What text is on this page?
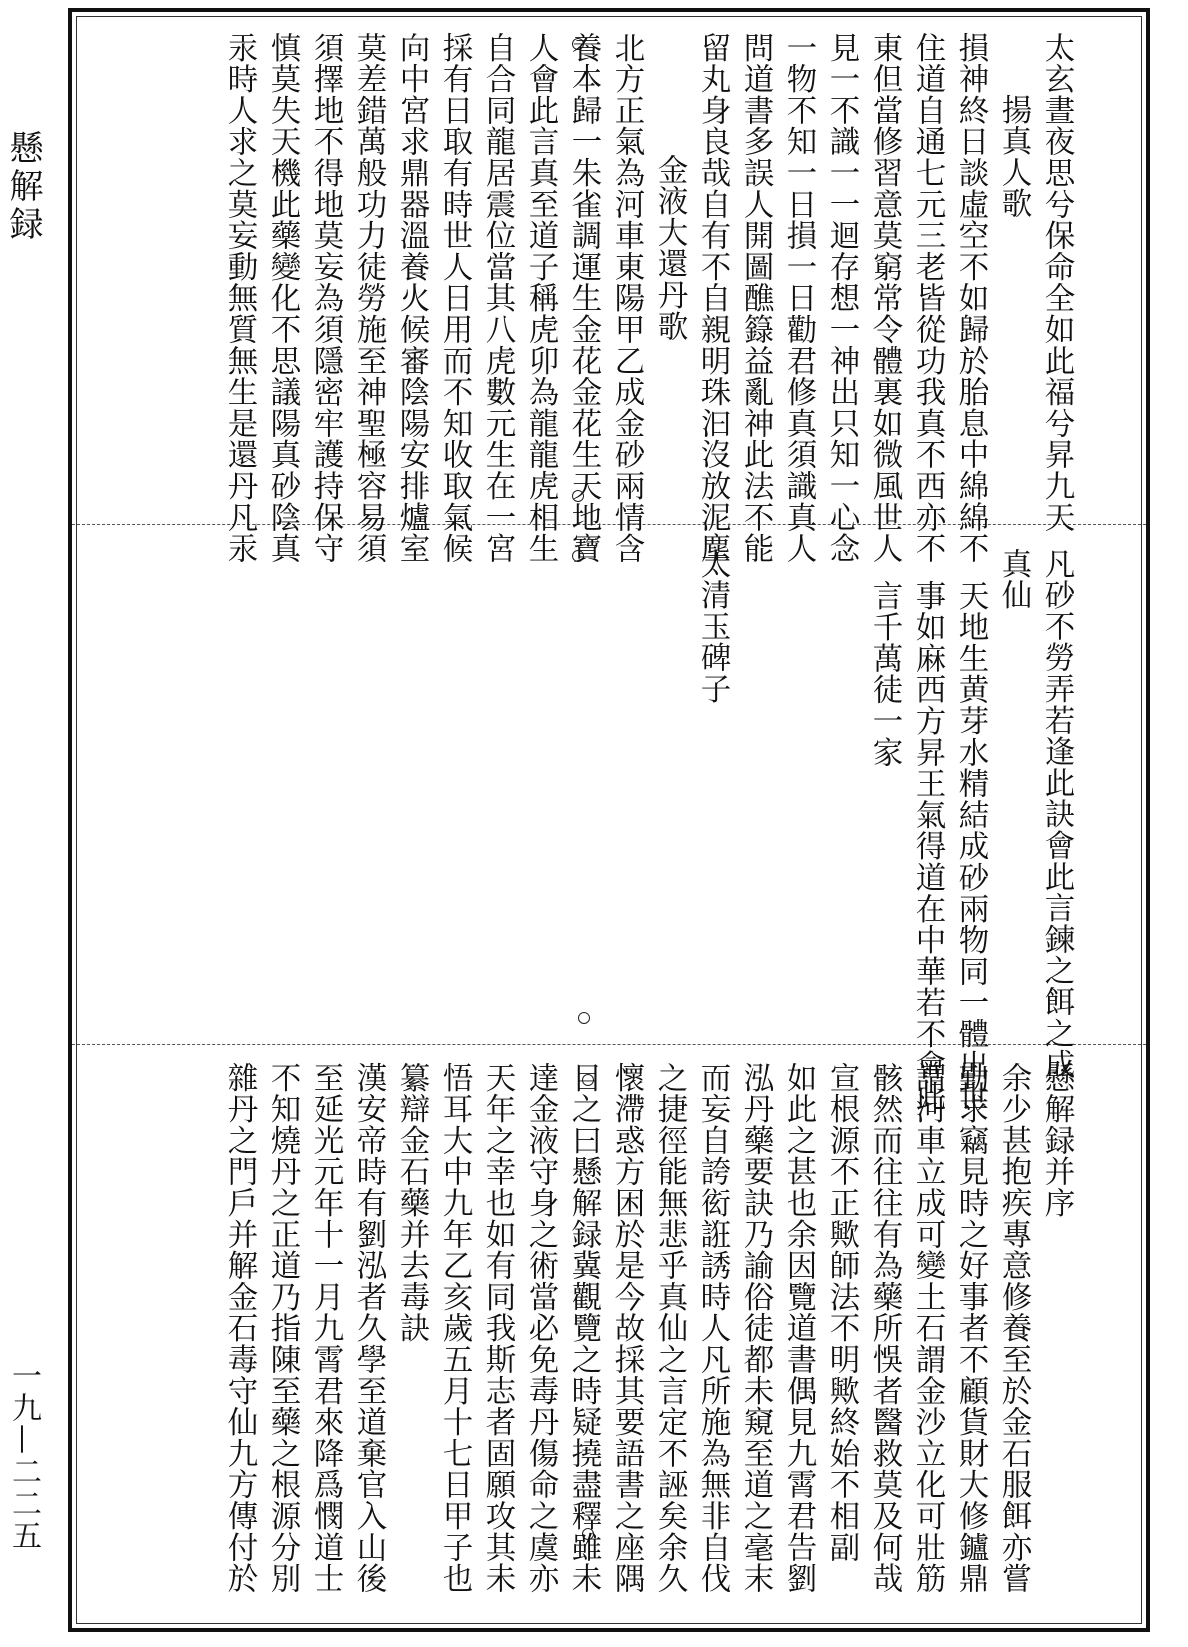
懸解録
一九—二二五
太玄晝夜思兮保命全如此福兮昇九天
揚真人歌
損神終日談虛空不如歸於胎息中綿綿不
住道自通七元三老皆從功我真不西亦不
東但當修習意莫窮常令體裏如微風世人
見一不識一一迴存想一神出只知一心念
一物不知一日損一日勸君修真須識真人
問道書多誤人開圖醮籙益亂神此法不能
留丸身良哉自有不自親明珠汩沒放泥塵
金液大還丹歌
北方正氣為河車東陽甲乙成金砂兩情含
養本歸一朱雀調運生金花金花生天地寶
人會此言真至道子稱虎卯為龍龍虎相生
自合同龍居震位當其八虎數元生在一宮
採有日取有時世人日用而不知收取氣候
向中宮求鼎器溫養火候審陰陽安排爐室
莫差錯萬般功力徒勞施至神聖極容易須
須擇地不得地莫妄為須隱密牢護持保守
慎莫失天機此藥變化不思議陽真砂陰真
汞時人求之莫妄動無質無生是還丹凡汞
凡砂不勞弄若逢此訣會此言鍊之餌之成
真仙
天地生黄芽水精結成砂兩物同一體出世
事如麻西方昇王氣得道在中華若不會此
言千萬徒一家
太清玉碑子
懸解録并序
余少甚抱疾專意修養至於金石服餌亦嘗
勤求竊見時之好事者不顧貨財大修鑪鼎
謂河車立成可變土石謂金沙立化可壯筋
骸然而往往有為藥所悞者醫救莫及何哉
宣根源不正歟師法不明歟終始不相副
如此之甚也余因覽道書偶見九霄君告劉
泓丹藥要訣乃諭俗徒都未窺至道之毫末
而妄自誇衒誑誘時人凡所施為無非自伐
之捷徑能無悲乎真仙之言定不誣矣余久
懷滯惑方困於是今故採其要語書之座隅
目之曰懸解録冀觀覽之時疑撓盡釋雖未
達金液守身之術當必免毒丹傷命之虞亦
天年之幸也如有同我斯志者固願攻其未
悟耳大中九年乙亥歲五月十七日甲子也
纂辯金石藥并去毒訣
漢安帝時有劉泓者久學至道棄官入山後
至延光元年十一月九霄君來降爲憫道士
不知燒丹之正道乃指陳至藥之根源分別
雜丹之門戶并解金石毒守仙九方傳付於
